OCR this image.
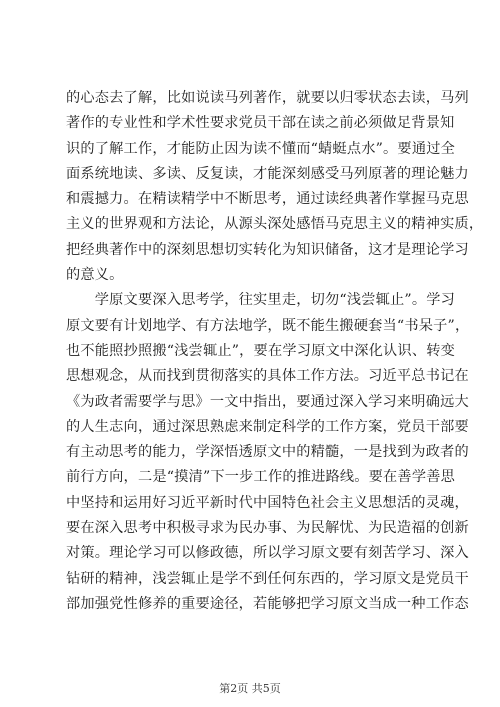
的心态去了解，比如说读马列著作，就要以归零状态去读，马列
著作的专业性和学术性要求党员干部在读之前必须做足背景知
识的了解工作，才能防止因为读不懂而“蜻蜓点水”。要通过全
面系统地读、多读、反复读，才能深刻感受马列原著的理论魅力
和震撼力。在精读精学中不断思考，通过读经典著作掌握马克思
主义的世界观和方法论，从源头深处感悟马克思主义的精神实质，
把经典著作中的深刻思想切实转化为知识储备，这才是理论学习
的意义。
　　学原文要深入思考学，往实里走，切勿“浅尝辄止”。学习
原文要有计划地学、有方法地学，既不能生搬硬套当“书呆子”，
也不能照抄照搬“浅尝辄止”，要在学习原文中深化认识、转变
思想观念，从而找到贯彻落实的具体工作方法。习近平总书记在
《为政者需要学与思》一文中指出，要通过深入学习来明确远大
的人生志向，通过深思熟虑来制定科学的工作方案，党员干部要
有主动思考的能力，学深悟透原文中的精髓，一是找到为政者的
前行方向，二是“摸清”下一步工作的推进路线。要在善学善思
中坚持和运用好习近平新时代中国特色社会主义思想活的灵魂，
要在深入思考中积极寻求为民办事、为民解忧、为民造福的创新
对策。理论学习可以修政德，所以学习原文要有刻苦学习、深入
钻研的精神，浅尝辄止是学不到任何东西的，学习原文是党员干
部加强党性修养的重要途径，若能够把学习原文当成一种工作态
第2页 共5页
